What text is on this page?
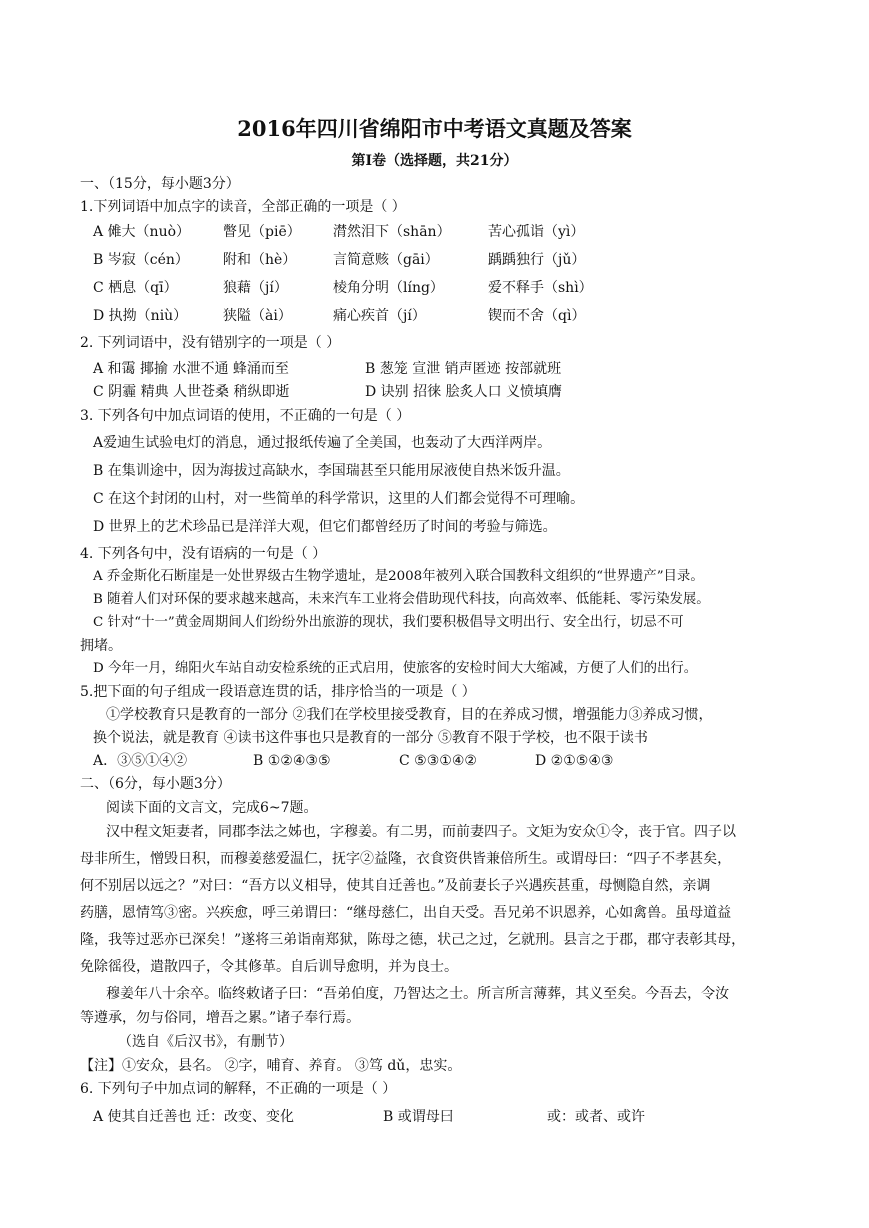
2016年四川省绵阳市中考语文真题及答案
第Ⅰ卷（选择题，共21分）
一、（15分，每小题3分）
1.下列词语中加点字的读音，全部正确的一项是（ ）
A 傩大（nuò） 瞥见（piē） 潸然泪下（shān）	苦心孤诣（yì）
B 岑寂（cén） 附和（hè）	言简意赅（gāi）	踽踽独行（jǔ）
C 栖息（qī）	狼藉（jí）	棱角分明（líng）	爱不释手（shì）
D 执拗（niù）	狭隘（ài）	痛心疾首（jí）	锲而不舍（qì）
2. 下列词语中，没有错别字的一项是（ ）
A 和霭 揶揄 水泄不通 蜂涌而至	B 葱笼 宣泄 销声匿迹 按部就班
C 阴霾 精典 人世苍桑 稍纵即逝	D 诀别 招徕 脍炙人口 义愤填膺
3. 下列各句中加点词语的使用，不正确的一句是（ ）
A爱迪生试验电灯的消息，通过报纸传遍了全美国，也轰动了大西洋两岸。
B 在集训途中，因为海拔过高缺水，李国瑞甚至只能用尿液使自热米饭升温。
C 在这个封闭的山村，对一些简单的科学常识，这里的人们都会觉得不可理喻。
D 世界上的艺术珍品已是洋洋大观，但它们都曾经历了时间的考验与筛选。
4. 下列各句中，没有语病的一句是（ ）
A 乔金斯化石断崖是一处世界级古生物学遗址，是2008年被列入联合国教科文组织的“世界遗产”目录。
B 随着人们对环保的要求越来越高，未来汽车工业将会借助现代科技，向高效率、低能耗、零污染发展。
C 针对“十一”黄金周期间人们纷纷外出旅游的现状，我们要积极倡导文明出行、安全出行，切忌不可
拥堵。
D 今年一月，绵阳火车站自动安检系统的正式启用，使旅客的安检时间大大缩减，方便了人们的出行。
5.把下面的句子组成一段语意连贯的话，排序恰当的一项是（ ）
①学校教育只是教育的一部分 ②我们在学校里接受教育，目的在养成习惯，增强能力③养成习惯，
换个说法，就是教育 ④读书这件事也只是教育的一部分 ⑤教育不限于学校，也不限于读书
A．③⑤①④②	B ①②④③⑤	C ⑤③①④②	D ②①⑤④③
二、（6分，每小题3分）
阅读下面的文言文，完成6~7题。
汉中程文矩妻者，同郡李法之姊也，字穆姜。有二男，而前妻四子。文矩为安众①令，丧于官。四子以
母非所生，憎毁日积，而穆姜慈爱温仁，抚字②益隆，衣食资供皆兼倍所生。或谓母曰：“四子不孝甚矣，
何不别居以远之？”对曰：“吾方以义相导，使其自迁善也。”及前妻长子兴遇疾甚重，母恻隐自然，亲调
药膳，恩情笃③密。兴疾愈，呼三弟谓曰：“继母慈仁，出自天受。吾兄弟不识恩养，心如禽兽。虽母道益
隆，我等过恶亦已深矣！”遂将三弟诣南郑狱，陈母之德，状己之过，乞就刑。县言之于郡，郡守表彰其母，
免除徭役，遣散四子，令其修革。自后训导愈明，并为良士。
穆姜年八十余卒。临终敕诸子曰：“吾弟伯度，乃智达之士。所言所言薄葬，其义至矣。今吾去，令汝
等遵承，勿与俗同，增吾之累。”诸子奉行焉。
（选自《后汉书》，有删节）
【注】①安众，县名。 ②字，哺育、养育。 ③笃 dǔ，忠实。
6. 下列句子中加点词的解释，不正确的一项是（ ）
A 使其自迁善也 迁：改变、变化	B 或谓母曰	或：或者、或许
